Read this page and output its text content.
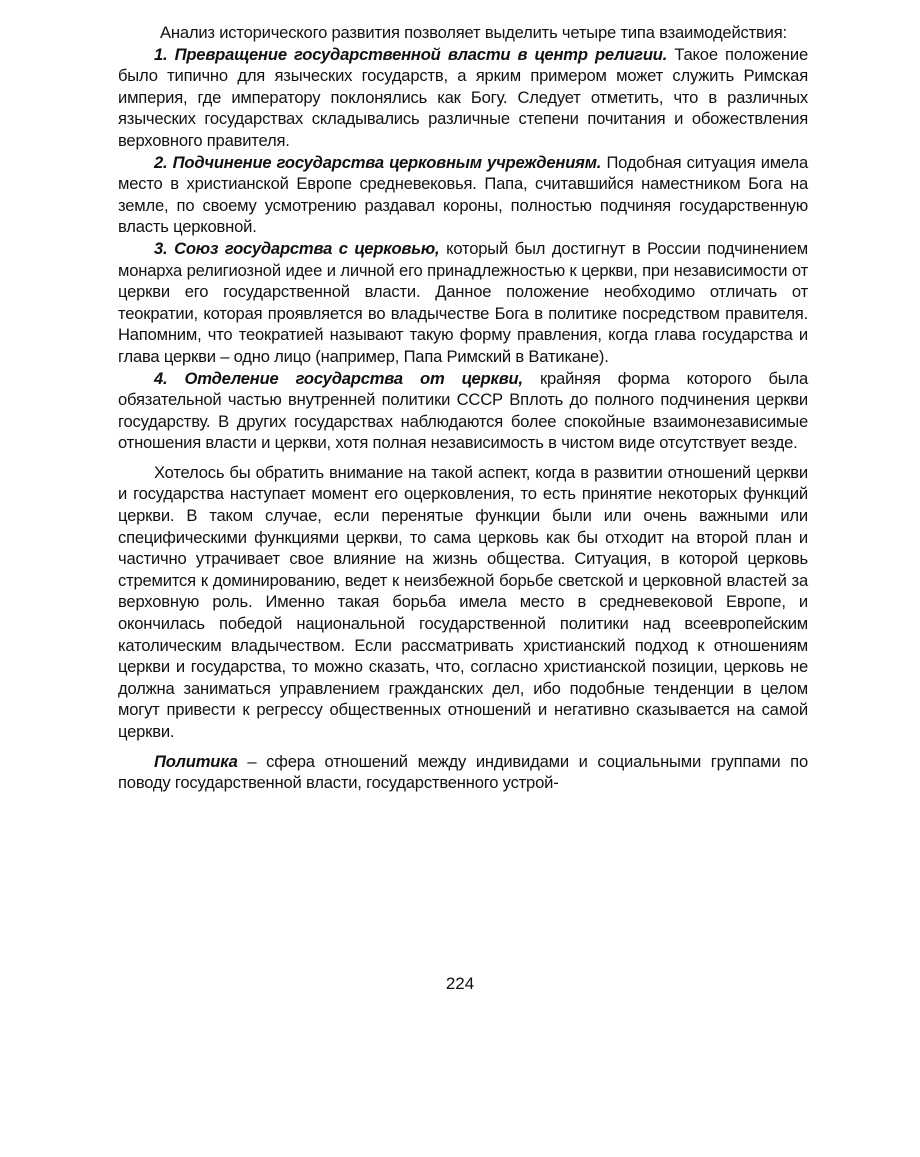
Анализ исторического развития позволяет выделить четыре типа взаимодействия:

1. Превращение государственной власти в центр религии. Такое положение было типично для языческих государств, а ярким примером может служить Римская империя, где императору поклонялись как Богу. Следует отметить, что в различных языческих государствах складывались различные степени почитания и обожествления верховного правителя.

2. Подчинение государства церковным учреждениям. Подобная ситуация имела место в христианской Европе средневековья. Папа, считавшийся наместником Бога на земле, по своему усмотрению раздавал короны, полностью подчиняя государственную власть церковной.

3. Союз государства с церковью, который был достигнут в России подчинением монарха религиозной идее и личной его принадлежностью к церкви, при независимости от церкви его государственной власти. Данное положение необходимо отличать от теократии, которая проявляется во владычестве Бога в политике посредством правителя. Напомним, что теократией называют такую форму правления, когда глава государства и глава церкви – одно лицо (например, Папа Римский в Ватикане).

4. Отделение государства от церкви, крайняя форма которого была обязательной частью внутренней политики СССР Вплоть до полного подчинения церкви государству. В других государствах наблюдаются более спокойные взаимонезависимые отношения власти и церкви, хотя полная независимость в чистом виде отсутствует везде.

Хотелось бы обратить внимание на такой аспект, когда в развитии отношений церкви и государства наступает момент его оцерковления, то есть принятие некоторых функций церкви. В таком случае, если перенятые функции были или очень важными или специфическими функциями церкви, то сама церковь как бы отходит на второй план и частично утрачивает свое влияние на жизнь общества. Ситуация, в которой церковь стремится к доминированию, ведет к неизбежной борьбе светской и церковной властей за верховную роль. Именно такая борьба имела место в средневековой Европе, и окончилась победой национальной государственной политики над всеевропейским католическим владычеством. Если рассматривать христианский подход к отношениям церкви и государства, то можно сказать, что, согласно христианской позиции, церковь не должна заниматься управлением гражданских дел, ибо подобные тенденции в целом могут привести к регрессу общественных отношений и негативно сказывается на самой церкви.

Политика – сфера отношений между индивидами и социальными группами по поводу государственной власти, государственного устрой-

224
